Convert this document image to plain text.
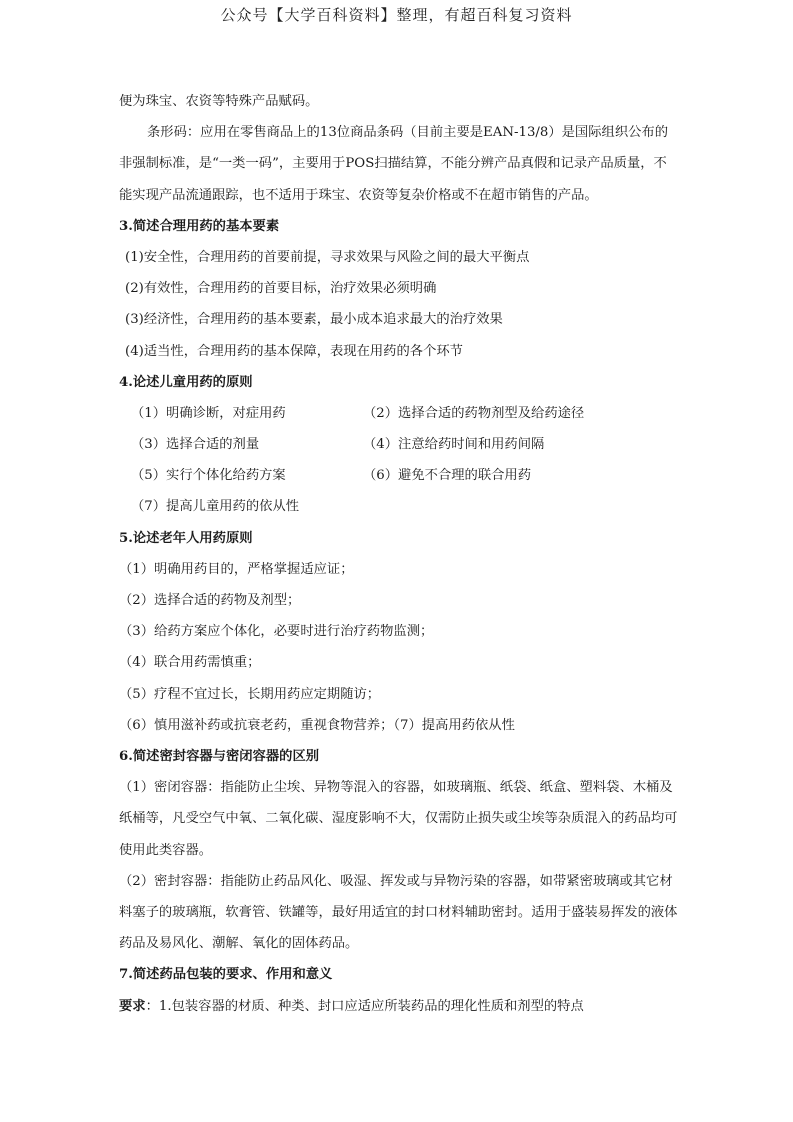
公众号【大学百科资料】整理，有超百科复习资料
便为珠宝、农资等特殊产品赋码。
条形码：应用在零售商品上的13位商品条码（目前主要是EAN-13/8）是国际组织公布的非强制标准，是“一类一码”，主要用于POS扫描结算，不能分辨产品真假和记录产品质量，不能实现产品流通跟踪，也不适用于珠宝、农资等复杂价格或不在超市销售的产品。
3.简述合理用药的基本要素
(1)安全性，合理用药的首要前提，寻求效果与风险之间的最大平衡点
(2)有效性，合理用药的首要目标，治疗效果必须明确
(3)经济性，合理用药的基本要素，最小成本追求最大的治疗效果
(4)适当性，合理用药的基本保障，表现在用药的各个环节
4.论述儿童用药的原则
（1）明确诊断，对症用药	（2）选择合适的药物剂型及给药途径
（3）选择合适的剂量	（4）注意给药时间和用药间隔
（5）实行个体化给药方案	（6）避免不合理的联合用药
（7）提高儿童用药的依从性
5.论述老年人用药原则
（1）明确用药目的，严格掌握适应证；
（2）选择合适的药物及剂型；
（3）给药方案应个体化，必要时进行治疗药物监测；
（4）联合用药需慎重；
（5）疗程不宜过长，长期用药应定期随访；
（6）慎用滋补药或抗衰老药，重视食物营养；（7）提高用药依从性
6.简述密封容器与密闭容器的区别
（1）密闭容器：指能防止尘埃、异物等混入的容器，如玻璃瓶、纸袋、纸盒、塑料袋、木桶及纸桶等，凡受空气中氧、二氧化碳、湿度影响不大，仅需防止损失或尘埃等杂质混入的药品均可使用此类容器。
（2）密封容器：指能防止药品风化、吸湿、挥发或与异物污染的容器，如带紧密玻璃或其它材料塞子的玻璃瓶，软膏管、铁罐等，最好用适宜的封口材料辅助密封。适用于盛装易挥发的液体药品及易风化、潮解、氧化的固体药品。
7.简述药品包装的要求、作用和意义
要求：1.包装容器的材质、种类、封口应适应所装药品的理化性质和剂型的特点
